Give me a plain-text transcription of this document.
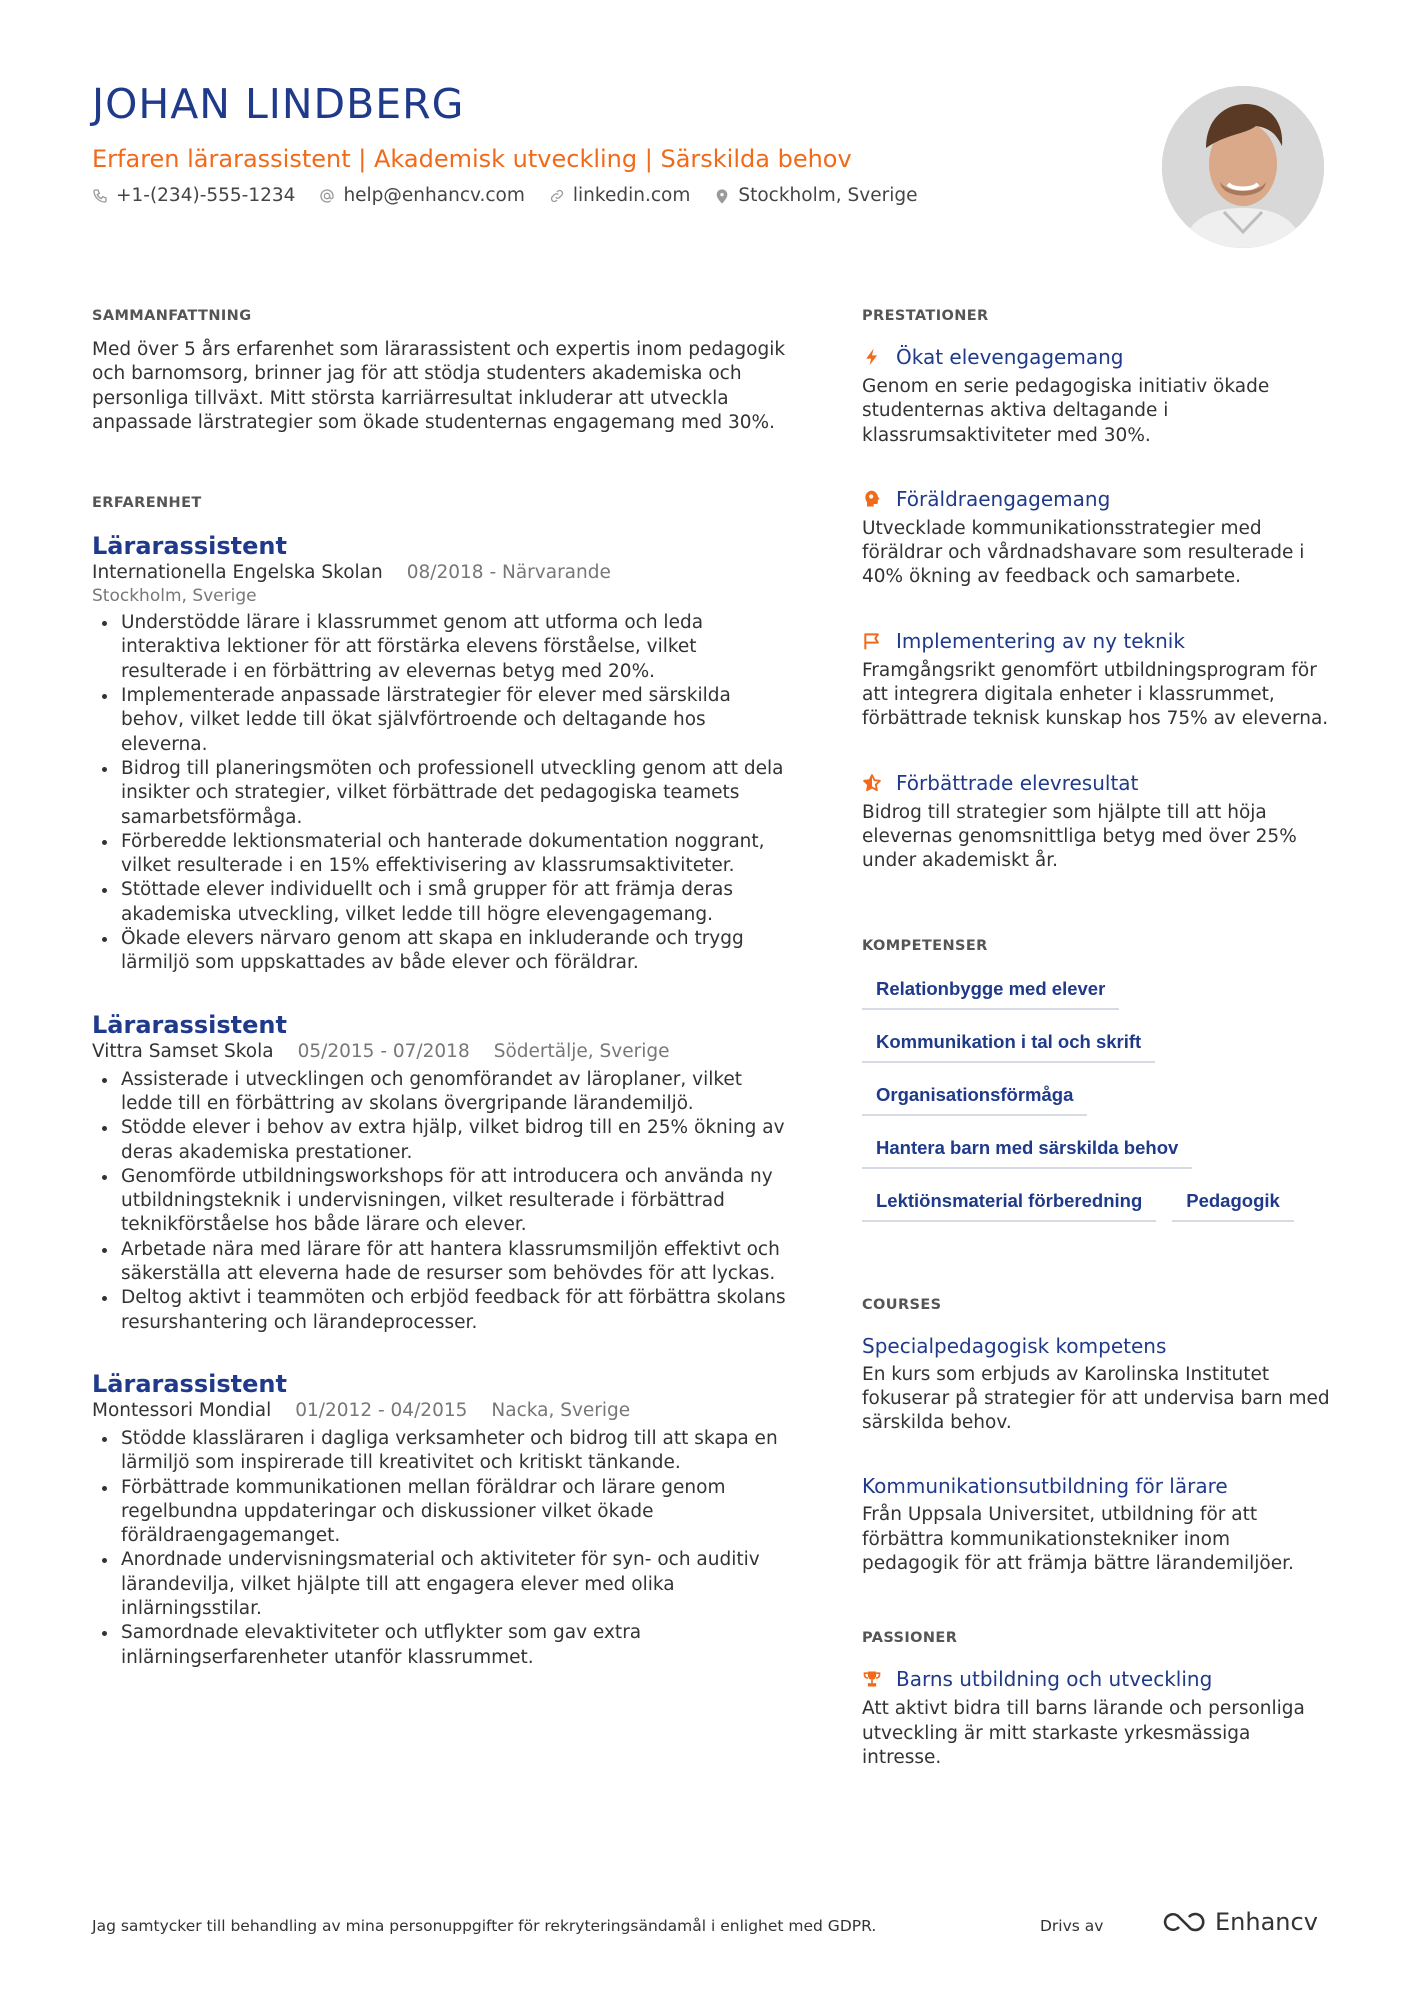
JOHAN LINDBERG
Erfaren lärarassistent | Akademisk utveckling | Särskilda behov
+1-(234)-555-1234	help@enhancv.com	linkedin.com	Stockholm, Sverige
SAMMANFATTNING

Med över 5 års erfarenhet som lärarassistent och expertis inom pedagogik och barnomsorg, brinner jag för att stödja studenters akademiska och personliga tillväxt. Mitt största karriärresultat inkluderar att utveckla anpassade lärstrategier som ökade studenternas engagemang med 30%.

ERFARENHET
Lärarassistent
Internationella Engelska Skolan 08/2018 - Närvarande
Stockholm, Sverige
• Understödde lärare i klassrummet genom att utforma och leda interaktiva lektioner för att förstärka elevens förståelse, vilket resulterade i en förbättring av elevernas betyg med 20%.
• Implementerade anpassade lärstrategier för elever med särskilda behov, vilket ledde till ökat självförtroende och deltagande hos eleverna.
• Bidrog till planeringsmöten och professionell utveckling genom att dela insikter och strategier, vilket förbättrade det pedagogiska teamets samarbetsförmåga.
• Förberedde lektionsmaterial och hanterade dokumentation noggrant, vilket resulterade i en 15% effektivisering av klassrumsaktiviteter.
• Stöttade elever individuellt och i små grupper för att främja deras akademiska utveckling, vilket ledde till högre elevengagemang.
• Ökade elevers närvaro genom att skapa en inkluderande och trygg lärmiljö som uppskattades av både elever och föräldrar.
Lärarassistent
Vittra Samset Skola 05/2015 - 07/2018 Södertälje, Sverige
• Assisterade i utvecklingen och genomförandet av läroplaner, vilket ledde till en förbättring av skolans övergripande lärandemiljö.
• Stödde elever i behov av extra hjälp, vilket bidrog till en 25% ökning av deras akademiska prestationer.
• Genomförde utbildningsworkshops för att introducera och använda ny utbildningsteknik i undervisningen, vilket resulterade i förbättrad teknikförståelse hos både lärare och elever.
• Arbetade nära med lärare för att hantera klassrumsmiljön effektivt och säkerställa att eleverna hade de resurser som behövdes för att lyckas.
• Deltog aktivt i teammöten och erbjöd feedback för att förbättra skolans resurshantering och lärandeprocesser.
Lärarassistent
Montessori Mondial 01/2012 - 04/2015 Nacka, Sverige
• Stödde klassläraren i dagliga verksamheter och bidrog till att skapa en lärmiljö som inspirerade till kreativitet och kritiskt tänkande.
• Förbättrade kommunikationen mellan föräldrar och lärare genom regelbundna uppdateringar och diskussioner vilket ökade föräldraengagemanget.
• Anordnade undervisningsmaterial och aktiviteter för syn- och auditiv lärandevilja, vilket hjälpte till att engagera elever med olika inlärningsstilar.
• Samordnade elevaktiviteter och utflykter som gav extra inlärningserfarenheter utanför klassrummet.
PRESTATIONER
Ökat elevengagemang

Genom en serie pedagogiska initiativ ökade studenternas aktiva deltagande i klassrumsaktiviteter med 30%.

Föräldraengagemang

Utvecklade kommunikationsstrategier med föräldrar och vårdnadshavare som resulterade i 40% ökning av feedback och samarbete.

Implementering av ny teknik

Framgångsrikt genomfört utbildningsprogram för att integrera digitala enheter i klassrummet, förbättrade teknisk kunskap hos 75% av eleverna.

Förbättrade elevresultat

Bidrog till strategier som hjälpte till att höja elevernas genomsnittliga betyg med över 25% under akademiskt år.

KOMPETENSER
Relationbygge med elever
Kommunikation i tal och skrift
Organisationsförmåga
Hantera barn med särskilda behov
Lektiönsmaterial förberedning	Pedagogik
COURSES
Specialpedagogisk kompetens

En kurs som erbjuds av Karolinska Institutet fokuserar på strategier för att undervisa barn med särskilda behov.

Kommunikationsutbildning för lärare

Från Uppsala Universitet, utbildning för att förbättra kommunikationstekniker inom pedagogik för att främja bättre lärandemiljöer.

PASSIONER
Barns utbildning och utveckling

Att aktivt bidra till barns lärande och personliga utveckling är mitt starkaste yrkesmässiga intresse.

Jag samtycker till behandling av mina personuppgifter för rekryteringsändamål i enlighet med GDPR.	Drivs av	Enhancv
